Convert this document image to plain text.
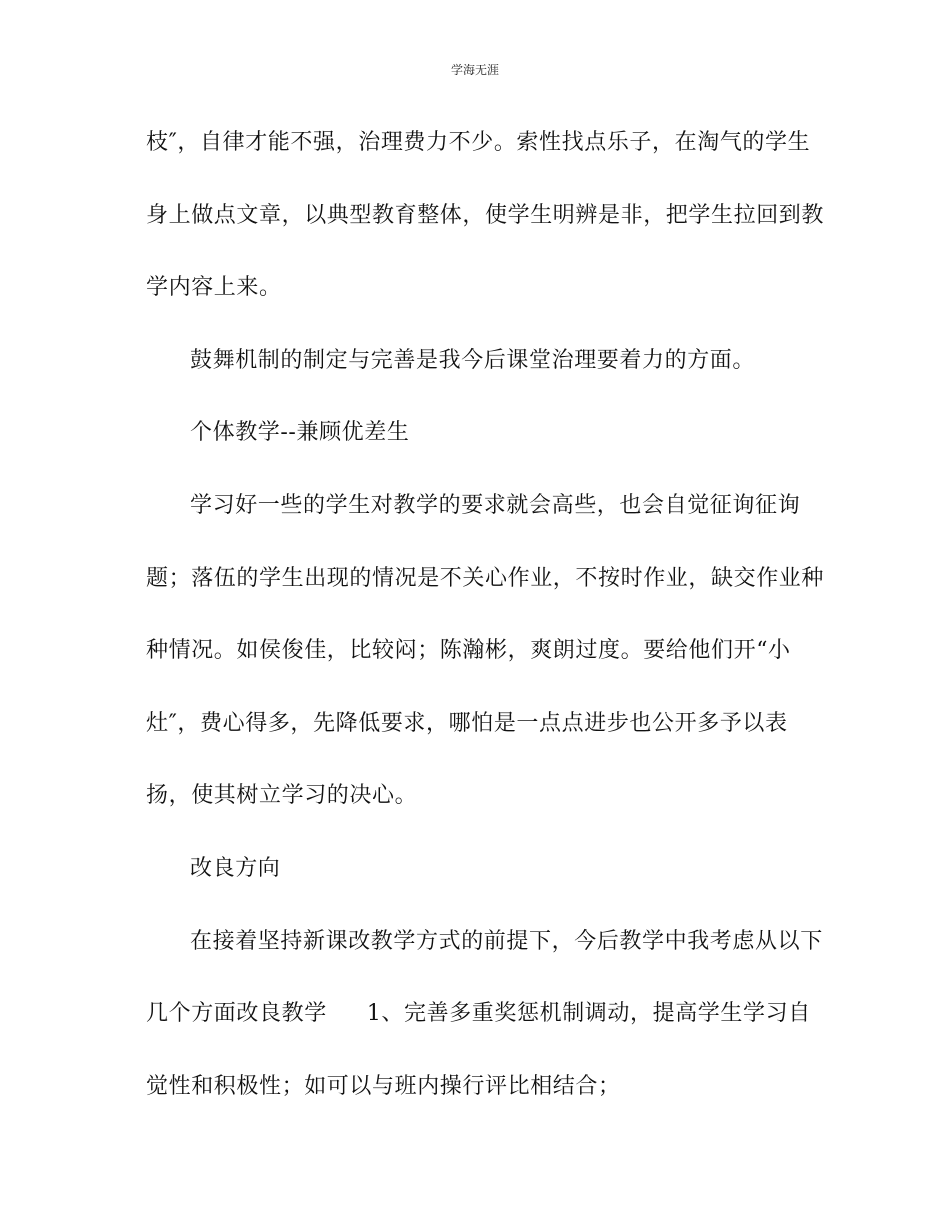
学海无涯
枝″，自律才能不强，治理费力不少。索性找点乐子，在淘气的学生
身上做点文章，以典型教育整体，使学生明辨是非，把学生拉回到教
学内容上来。
鼓舞机制的制定与完善是我今后课堂治理要着力的方面。
个体教学--兼顾优差生
学习好一些的学生对教学的要求就会高些，也会自觉征询征询
题；落伍的学生出现的情况是不关心作业，不按时作业，缺交作业种
种情况。如侯俊佳，比较闷；陈瀚彬，爽朗过度。要给他们开“小
灶″，费心得多，先降低要求，哪怕是一点点进步也公开多予以表
扬，使其树立学习的决心。
改良方向
在接着坚持新课改教学方式的前提下，今后教学中我考虑从以下
几个方面改良教学 1、完善多重奖惩机制调动，提高学生学习自
觉性和积极性；如可以与班内操行评比相结合；
